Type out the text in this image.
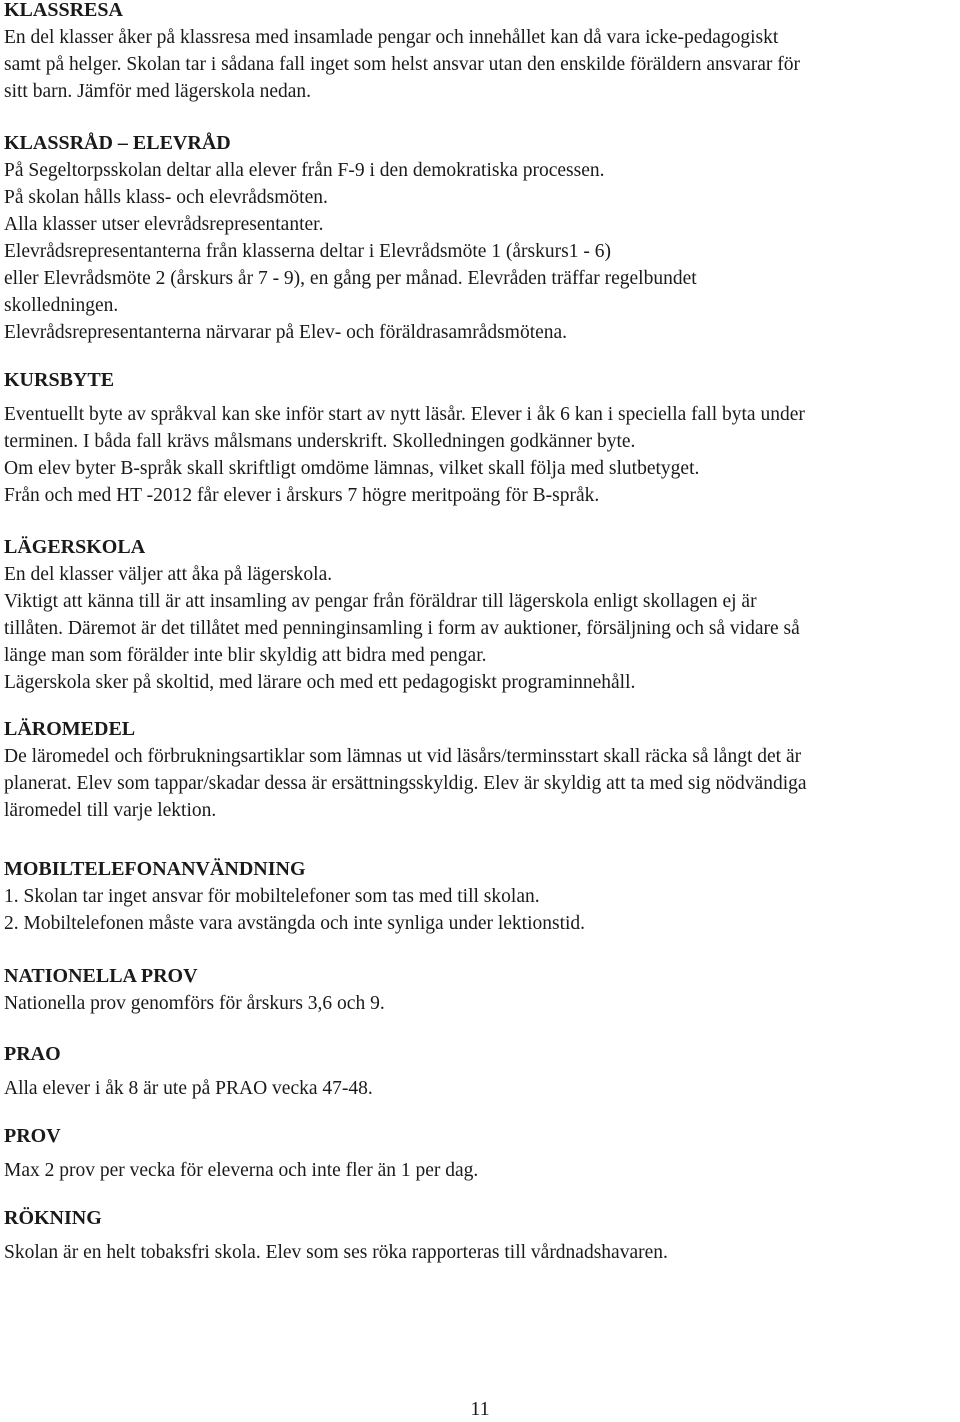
KLASSRESA
En del klasser åker på klassresa med insamlade pengar och innehållet kan då vara icke-pedagogiskt
samt på helger. Skolan tar i sådana fall inget som helst ansvar utan den enskilde föräldern ansvarar för
sitt barn. Jämför med lägerskola nedan.
KLASSRÅD – ELEVRÅD
På Segeltorpsskolan deltar alla elever från F-9 i den demokratiska processen.
På skolan hålls klass- och elevrådsmöten.
Alla klasser utser elevrådsrepresentanter.
Elevrådsrepresentanterna från klasserna deltar i Elevrådsmöte 1 (årskurs1 - 6)
eller Elevrådsmöte 2 (årskurs år 7 - 9), en gång per månad. Elevråden träffar regelbundet
skolledningen.
Elevrådsrepresentanterna närvarar på Elev- och föräldrasamrådsmötena.
KURSBYTE
Eventuellt byte av språkval kan ske inför start av nytt läsår. Elever i åk 6 kan i speciella fall byta under
terminen. I båda fall krävs målsmans underskrift. Skolledningen godkänner byte.
Om elev byter B-språk skall skriftligt omdöme lämnas, vilket skall följa med slutbetyget.
Från och med HT -2012 får elever i årskurs 7 högre meritpoäng för B-språk.
LÄGERSKOLA
En del klasser väljer att åka på lägerskola.
Viktigt att känna till är att insamling av pengar från föräldrar till lägerskola enligt skollagen ej är
tillåten. Däremot är det tillåtet med penninginsamling i form av auktioner, försäljning och så vidare så
länge man som förälder inte blir skyldig att bidra med pengar.
Lägerskola sker på skoltid, med lärare och med ett pedagogiskt programinnehåll.
LÄROMEDEL
De läromedel och förbrukningsartiklar som lämnas ut vid läsårs/terminsstart skall räcka så långt det är
planerat. Elev som tappar/skadar dessa är ersättningsskyldig. Elev är skyldig att ta med sig nödvändiga
läromedel till varje lektion.
MOBILTELEFONANVÄNDNING
1. Skolan tar inget ansvar för mobiltelefoner som tas med till skolan.
2. Mobiltelefonen måste vara avstängda och inte synliga under lektionstid.
NATIONELLA PROV
Nationella prov genomförs för årskurs 3,6 och 9.
PRAO
Alla elever i åk 8 är ute på PRAO vecka 47-48.
PROV
Max 2 prov per vecka för eleverna och inte fler än 1 per dag.
RÖKNING
Skolan är en helt tobaksfri skola. Elev som ses röka rapporteras till vårdnadshavaren.
11
